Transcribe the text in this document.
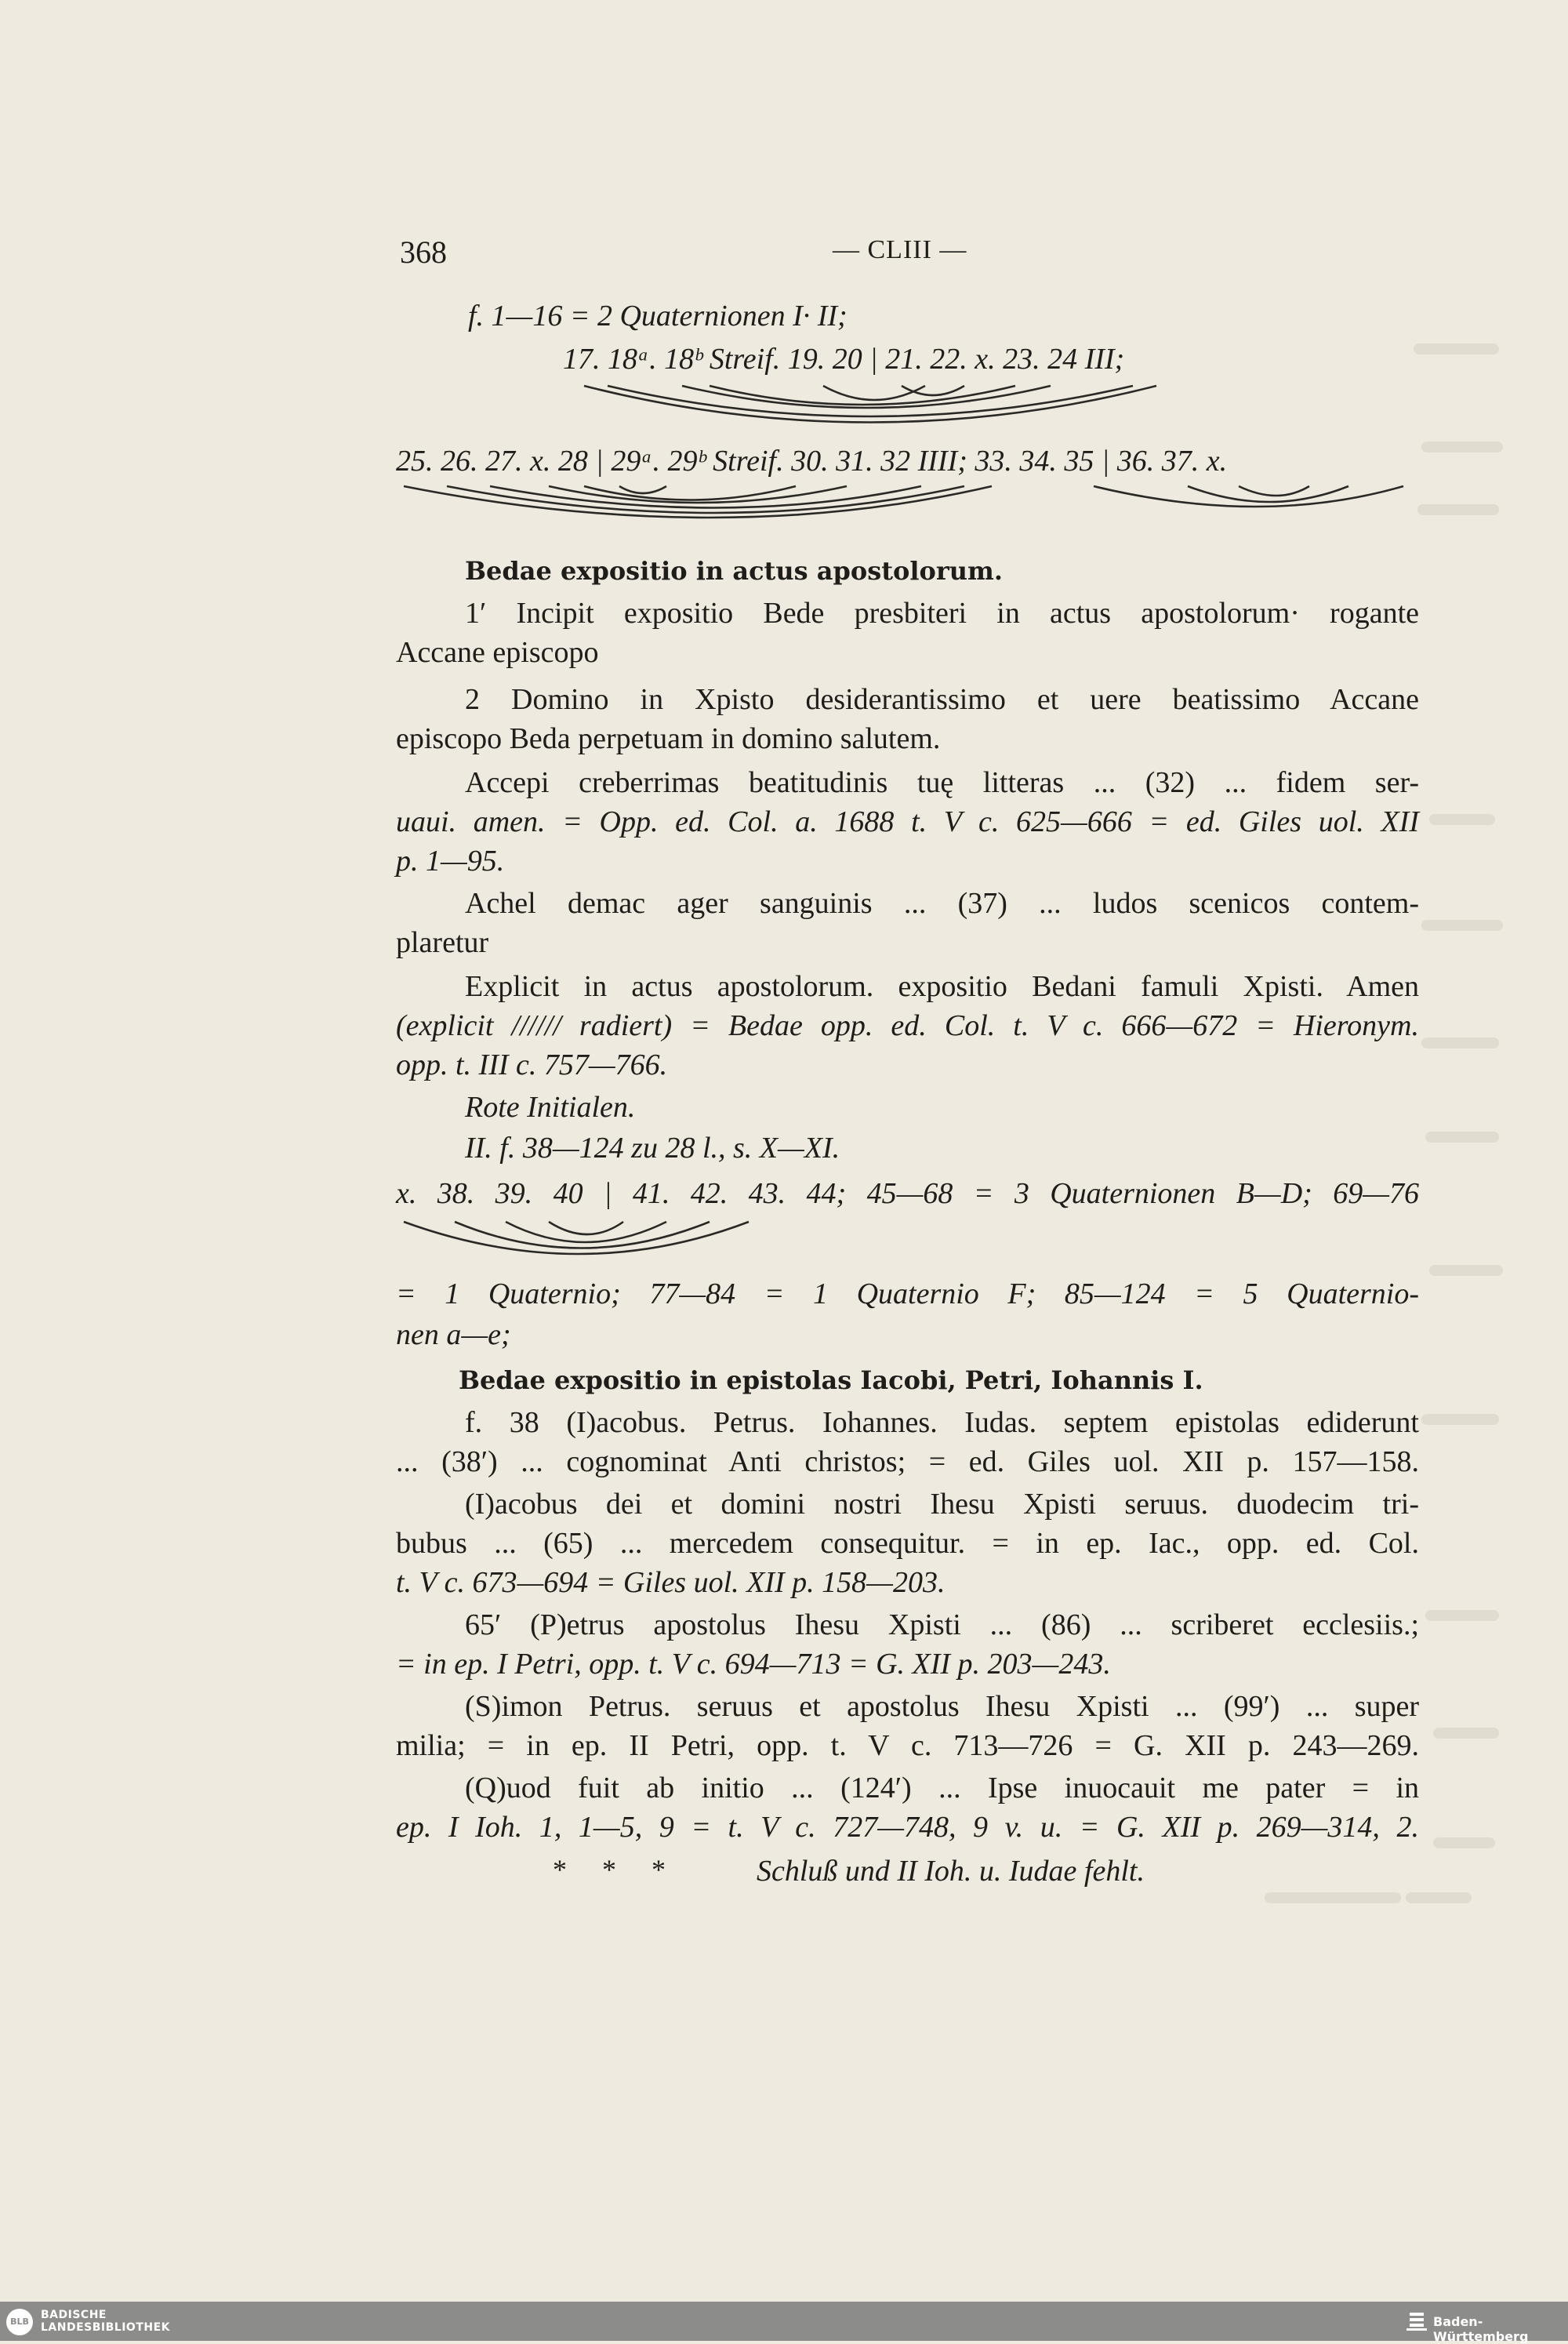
368	— CLIII —
f. 1—16 = 2 Quaternionen I· II;
17. 18ᵃ. 18ᵇ Streif. 19. 20 | 21. 22. x. 23. 24 III;
25. 26. 27. x. 28 | 29ᵃ. 29ᵇ Streif. 30. 31. 32 IIII; 33. 34. 35 | 36. 37. x.
Bedae expositio in actus apostolorum.
1′ Incipit expositio Bede presbiteri in actus apostolorum· rogante
Accane episcopo
2 Domino in Xpisto desiderantissimo et uere beatissimo Accane
episcopo Beda perpetuam in domino salutem.
Accepi creberrimas beatitudinis tuę litteras ... (32) ... fidem ser-
uaui. amen. = Opp. ed. Col. a. 1688 t. V c. 625—666 = ed. Giles uol. XII
p. 1—95.
Achel demac ager sanguinis ... (37) ... ludos scenicos contem-
plaretur
Explicit in actus apostolorum. expositio Bedani famuli Xpisti. Amen
(explicit ////// radiert) = Bedae opp. ed. Col. t. V c. 666—672 = Hieronym.
opp. t. III c. 757—766.
Rote Initialen.
II. f. 38—124 zu 28 l., s. X—XI.
x. 38. 39. 40 | 41. 42. 43. 44; 45—68 = 3 Quaternionen B—D; 69—76
= 1 Quaternio; 77—84 = 1 Quaternio F; 85—124 = 5 Quaternio-
nen a—e;
Bedae expositio in epistolas Iacobi, Petri, Iohannis I.
f. 38 (I)acobus. Petrus. Iohannes. Iudas. septem epistolas ediderunt
... (38′) ... cognominat Anti christos; = ed. Giles uol. XII p. 157—158.
(I)acobus dei et domini nostri Ihesu Xpisti seruus. duodecim tri-
bubus ... (65) ... mercedem consequitur. = in ep. Iac., opp. ed. Col.
t. V c. 673—694 = Giles uol. XII p. 158—203.
65′ (P)etrus apostolus Ihesu Xpisti ... (86) ... scriberet ecclesiis.;
= in ep. I Petri, opp. t. V c. 694—713 = G. XII p. 203—243.
(S)imon Petrus. seruus et apostolus Ihesu Xpisti ... (99′) ... super
milia; = in ep. II Petri, opp. t. V c. 713—726 = G. XII p. 243—269.
(Q)uod fuit ab initio ... (124′) ... Ipse inuocauit me pater = in
ep. I Ioh. 1, 1—5, 9 = t. V c. 727—748, 9 v. u. = G. XII p. 269—314, 2.
* * *	Schluß und II Ioh. u. Iudae fehlt.
BLB
BADISCHE
LANDESBIBLIOTHEK	Baden-Württemberg
